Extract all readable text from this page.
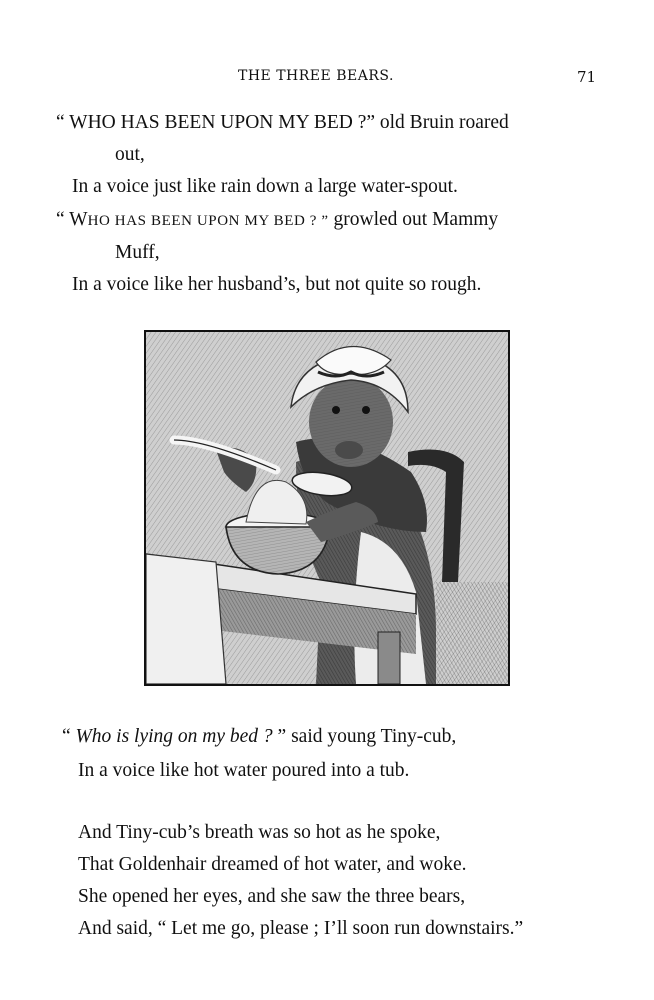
THE THREE BEARS.	71
“ WHO HAS BEEN UPON MY BED ?” old Bruin roared
out,
In a voice just like rain down a large water-spout.
“ WHO HAS BEEN UPON MY BED ? ” growled out Mammy
Muff,
In a voice like her husband’s, but not quite so rough.
“ Who is lying on my bed ? ” said young Tiny-cub,
In a voice like hot water poured into a tub.
And Tiny-cub’s breath was so hot as he spoke,
That Goldenhair dreamed of hot water, and woke.
She opened her eyes, and she saw the three bears,
And said, “ Let me go, please ; I’ll soon run downstairs.”
